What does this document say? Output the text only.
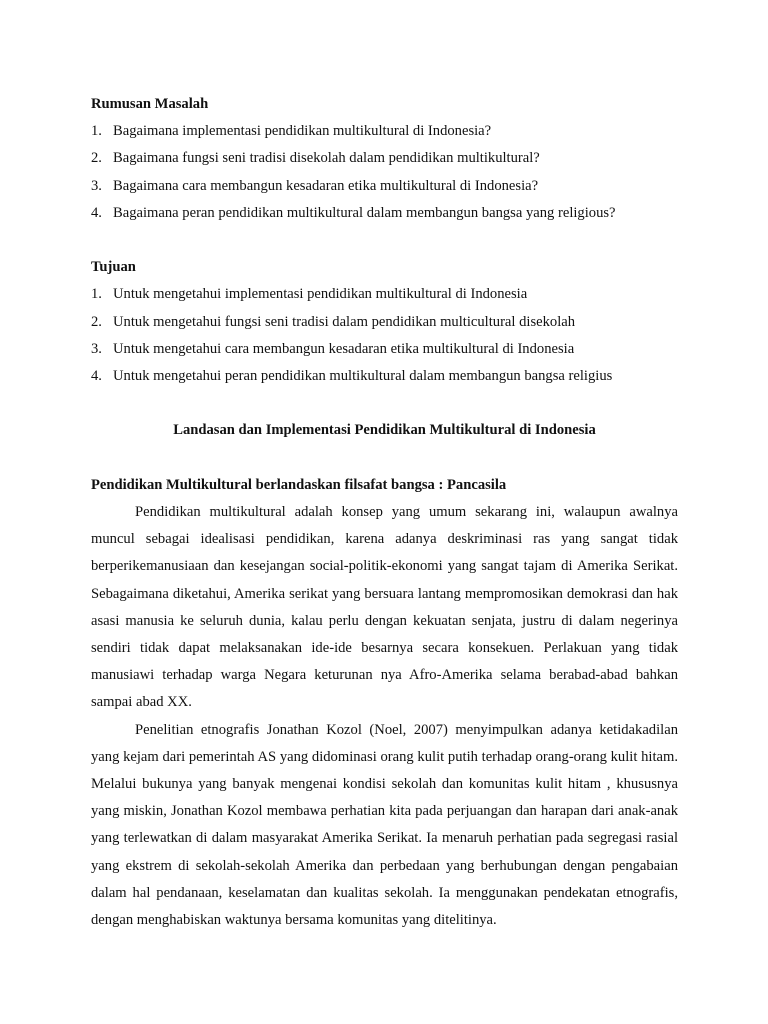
Rumusan Masalah

1. Bagaimana implementasi pendidikan multikultural di Indonesia?
2. Bagaimana fungsi seni tradisi disekolah dalam pendidikan multikultural?
3. Bagaimana cara membangun kesadaran etika multikultural di Indonesia?
4. Bagaimana peran pendidikan multikultural dalam membangun bangsa yang religious?

Tujuan

1. Untuk mengetahui implementasi pendidikan multikultural di Indonesia
2. Untuk mengetahui fungsi seni tradisi dalam pendidikan multicultural disekolah
3. Untuk mengetahui cara membangun kesadaran etika multikultural di Indonesia
4. Untuk mengetahui peran pendidikan multikultural dalam membangun bangsa religius

Landasan dan Implementasi Pendidikan Multikultural di Indonesia

Pendidikan Multikultural berlandaskan filsafat bangsa : Pancasila

Pendidikan multikultural adalah konsep yang umum sekarang ini, walaupun awalnya muncul sebagai idealisasi pendidikan, karena adanya deskriminasi ras yang sangat tidak berperikemanusiaan dan kesejangan social-politik-ekonomi yang sangat tajam di Amerika Serikat. Sebagaimana diketahui, Amerika serikat yang bersuara lantang mempromosikan demokrasi dan hak asasi manusia ke seluruh dunia, kalau perlu dengan kekuatan senjata, justru di dalam negerinya sendiri tidak dapat melaksanakan ide-ide besarnya secara konsekuen. Perlakuan yang tidak manusiawi terhadap warga Negara keturunan nya Afro-Amerika selama berabad-abad bahkan sampai abad XX.

Penelitian etnografis Jonathan Kozol (Noel, 2007) menyimpulkan adanya ketidakadilan yang kejam dari pemerintah AS yang didominasi orang kulit putih terhadap orang-orang kulit hitam. Melalui bukunya yang banyak mengenai kondisi sekolah dan komunitas kulit hitam , khususnya yang miskin, Jonathan Kozol membawa perhatian kita pada perjuangan dan harapan dari anak-anak yang terlewatkan di dalam masyarakat Amerika Serikat. Ia menaruh perhatian pada segregasi rasial yang ekstrem di sekolah-sekolah Amerika dan perbedaan yang berhubungan dengan pengabaian dalam hal pendanaan, keselamatan dan kualitas sekolah. Ia menggunakan pendekatan etnografis, dengan menghabiskan waktunya bersama komunitas yang ditelitinya.
